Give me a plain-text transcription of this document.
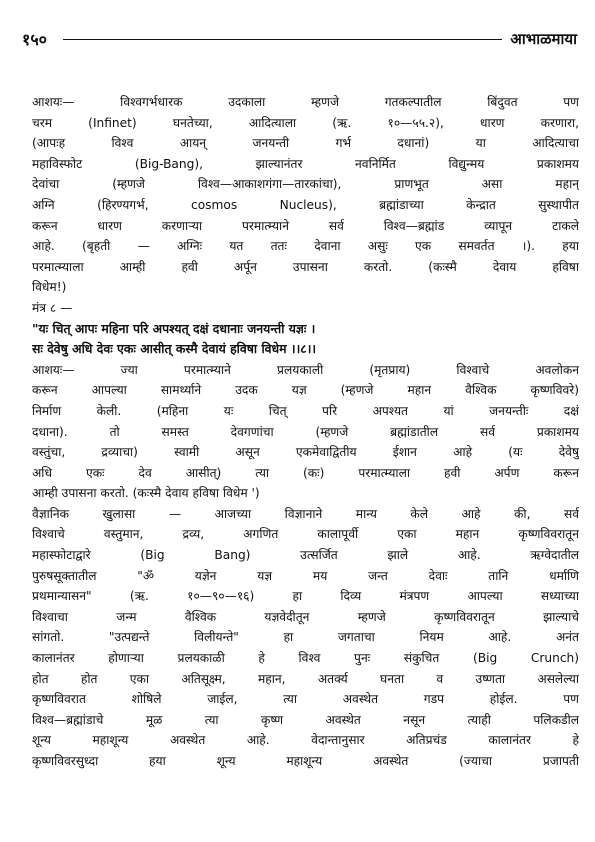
१५०	आभाळमाया
आशयः— विश्वगर्भधारक उदकाला म्हणजे गतकल्पातील बिंदुवत पण
चरम (Infinet) घनतेच्या, आदित्याला (ऋ. १०—५५.२), धारण करणारा,
(आपःह विश्व आयन् जनयन्ती गर्भ दधानां) या आदित्याचा
महाविस्फोट (Big-Bang), झाल्यानंतर नवनिर्मित विद्युन्मय प्रकाशमय
देवांचा (म्हणजे विश्व—आकाशगंगा—तारकांचा), प्राणभूत असा महान्
अग्नि (हिरण्यगर्भ, cosmos Nucleus), ब्रह्मांडाच्या केन्द्रात सुस्थापीत
करून धारण करणाऱ्या परमात्म्याने सर्व विश्व—ब्रह्मांड व्यापून टाकले
आहे. (बृहती — अग्निः यत ततः देवाना असुः एक समवर्तत ।). हया
परमात्म्याला आम्ही हवी अर्पून उपासना करतो. (कःस्मै देवाय हविषा
विधेम!)
मंत्र ८ —
"यः चित् आपः महिना परि अपश्यत् दक्षं दधानाः जनयन्ती यज्ञः ।
सः देवेषु अधि देवः एकः आसीत् कस्मै देवायं हविषा विधेम ।।८।।
आशयः— ज्या परमात्म्याने प्रलयकाली (मृतप्राय) विश्वाचे अवलोकन
करून आपल्या सामर्थ्याने उदक यज्ञ (म्हणजे महान वैश्विक कृष्णविवरे)
निर्माण केली. (महिना यः चित् परि अपश्यत यां जनयन्तीः दक्षं
दधाना). तो समस्त देवगणांचा (म्हणजे ब्रह्मांडातील सर्व प्रकाशमय
वस्तुंचा, द्रव्याचा) स्वामी असून एकमेवाद्वितीय ईशान आहे (यः देवेषु
अधि एकः देव आसीत्) त्या (कः) परमात्म्याला हवी अर्पण करून
आम्ही उपासना करतो. (कःस्मै देवाय हविषा विधेम ')
वैज्ञानिक खुलासा — आजच्या विज्ञानाने मान्य केले आहे की, सर्व
विश्वाचे वस्तुमान, द्रव्य, अगणित कालापूर्वी एका महान कृष्णविवरातून
महास्फोटाद्वारे (Big Bang) उत्सर्जित झाले आहे. ऋग्वेदातील
पुरुषसूक्तातील "ॐ यज्ञेन यज्ञ मय जन्त देवाः तानि धर्माणि
प्रथमान्यासन" (ऋ. १०—९०—१६) हा दिव्य मंत्रपण आपल्या सध्याच्या
विश्वाचा जन्म वैश्विक यज्ञवेदीतून म्हणजे कृष्णविवरातून झाल्याचे
सांगतो. "उत्पद्यन्ते विलीयन्ते" हा जगताचा नियम आहे. अनंत
कालानंतर होणाऱ्या प्रलयकाळी हे विश्व पुनः संकुचित (Big Crunch)
होत होत एका अतिसूक्ष्म, महान, अतर्क्य घनता व उष्णता असलेल्या
कृष्णविवरात शोषिले जाईल, त्या अवस्थेत गडप होईल. पण
विश्व—ब्रह्मांडाचे मूळ त्या कृष्ण अवस्थेत नसून त्याही पलिकडील
शून्य महाशून्य अवस्थेत आहे. वेदान्तानुसार अतिप्रचंड कालानंतर हे
कृष्णविवरसुध्दा हया शून्य महाशून्य अवस्थेत (ज्याचा प्रजापती
